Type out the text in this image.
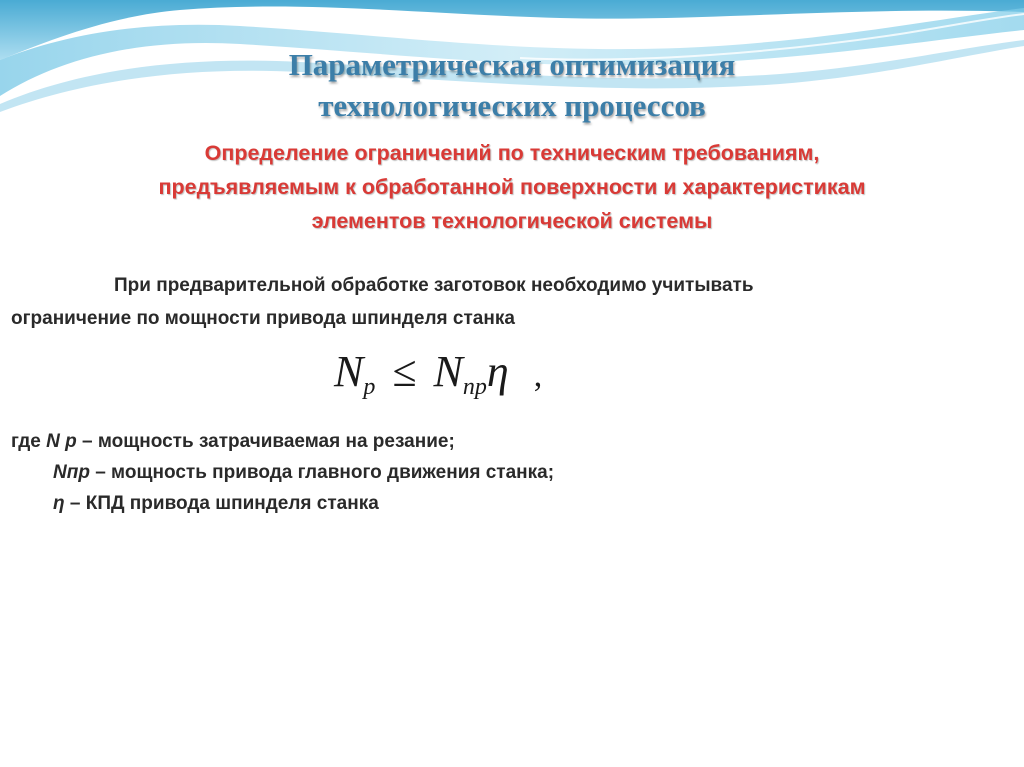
Параметрическая оптимизация
технологических процессов
Определение ограничений по техническим требованиям,
предъявляемым к обработанной поверхности и характеристикам
элементов технологической системы
При предварительной обработке заготовок необходимо учитывать
ограничение по мощности привода шпинделя станка
$N_p \le N_{np}\eta$ ,
где N p – мощность затрачиваемая на резание;
Nпр – мощность привода главного движения станка;
η – КПД привода шпинделя станка
